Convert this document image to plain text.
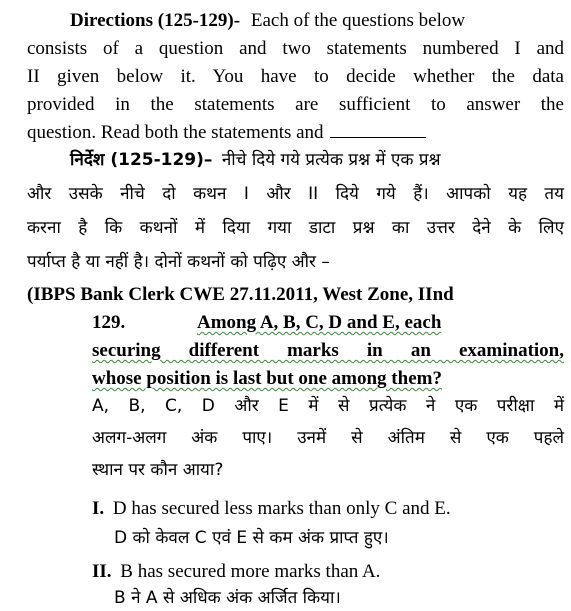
Directions (125-129)- Each of the questions below
consists of a question and two statements numbered I and
II given below it. You have to decide whether the data
provided in the statements are sufficient to answer the
question. Read both the statements and
निर्देश (125-129)– नीचे दिये गये प्रत्येक प्रश्न में एक प्रश्न
और उसके नीचे दो कथन I और II दिये गये हैं। आपको यह तय
करना है कि कथनों में दिया गया डाटा प्रश्न का उत्तर देने के लिए
पर्याप्त है या नहीं है। दोनों कथनों को पढ़िए और –
(IBPS Bank Clerk CWE 27.11.2011, West Zone, IInd
129.	Among A, B, C, D and E, each
securing different marks in an examination,
whose position is last but one among them?
A, B, C, D और E में से प्रत्येक ने एक परीक्षा में
अलग-अलग अंक पाए। उनमें से अंतिम से एक पहले
स्थान पर कौन आया?
I. D has secured less marks than only C and E.
D को केवल C एवं E से कम अंक प्राप्त हुए।
II. B has secured more marks than A.
B ने A से अधिक अंक अर्जित किया।
